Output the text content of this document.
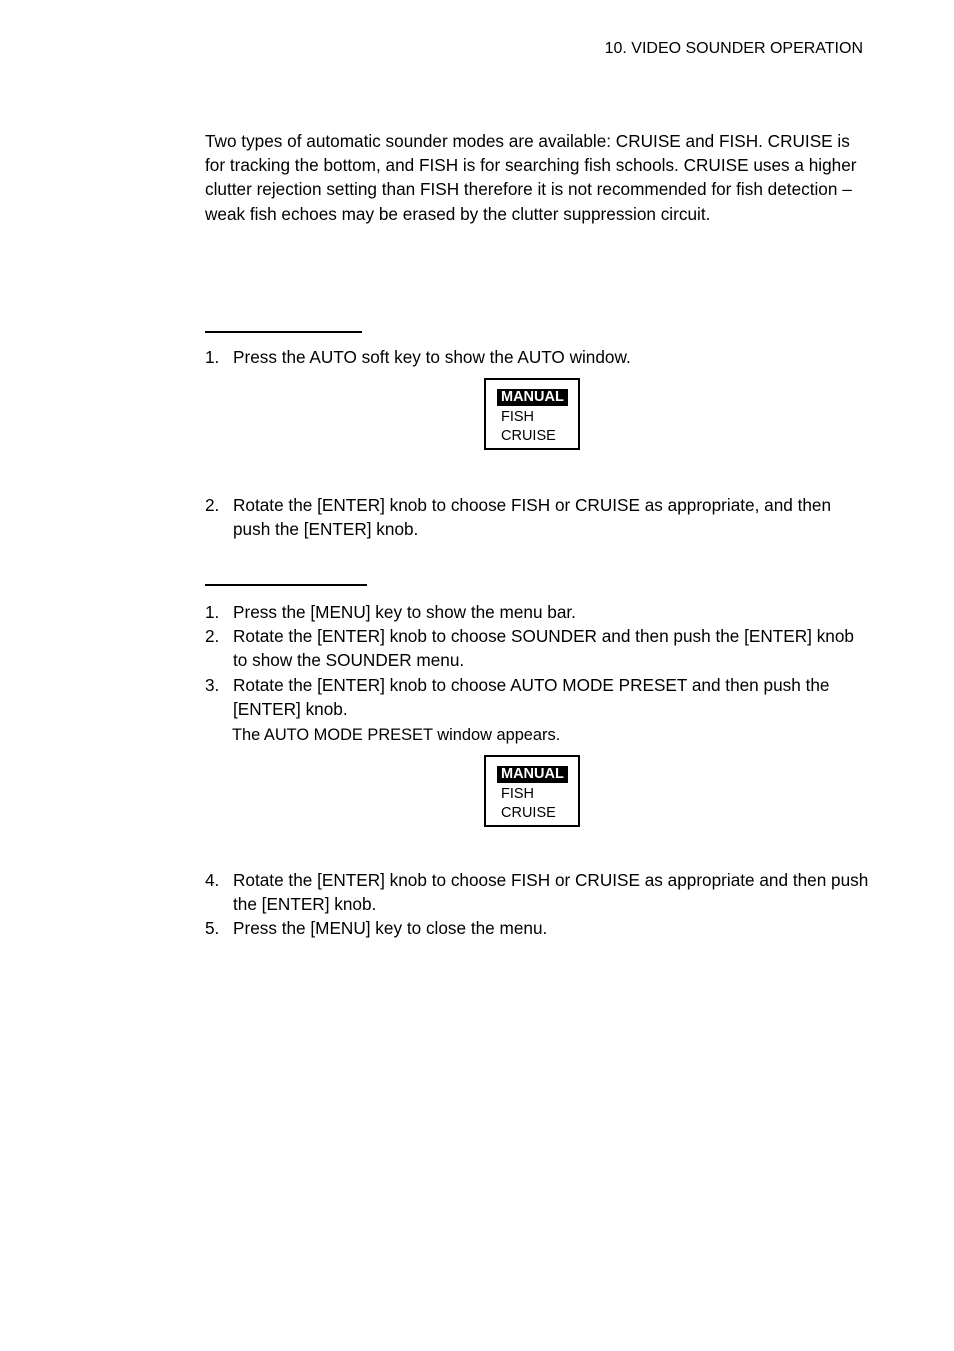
10. VIDEO SOUNDER OPERATION

Two types of automatic sounder modes are available: CRUISE and FISH. CRUISE is for tracking the bottom, and FISH is for searching fish schools. CRUISE uses a higher clutter rejection setting than FISH therefore it is not recommended for fish detection – weak fish echoes may be erased by the clutter suppression circuit.

1. Press the AUTO soft key to show the AUTO window.
MANUAL
FISH
CRUISE
2. Rotate the [ENTER] knob to choose FISH or CRUISE as appropriate, and then push the [ENTER] knob.
1. Press the [MENU] key to show the menu bar.
2. Rotate the [ENTER] knob to choose SOUNDER and then push the [ENTER] knob to show the SOUNDER menu.
3. Rotate the [ENTER] knob to choose AUTO MODE PRESET and then push the [ENTER] knob.

The AUTO MODE PRESET window appears.

MANUAL
FISH
CRUISE
4. Rotate the [ENTER] knob to choose FISH or CRUISE as appropriate and then push the [ENTER] knob.
5. Press the [MENU] key to close the menu.
